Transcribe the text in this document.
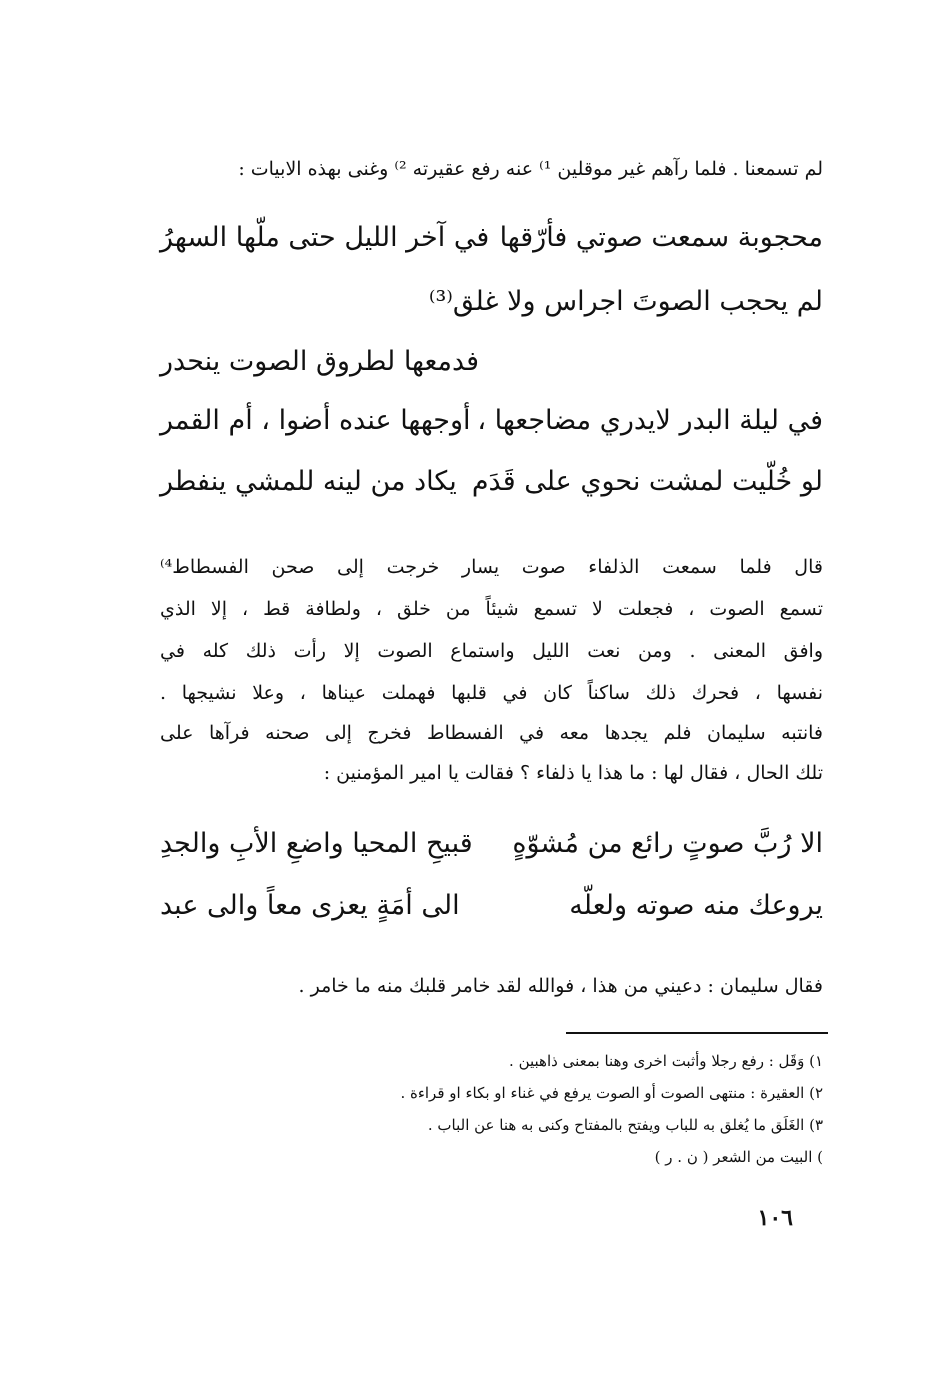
لم تسمعنا . فلما رآهم غير موقلين ¹⁾ عنه رفع عقيرته ²⁾ وغنى بهذه الابيات :
محجوبة سمعت صوتي فأرّقها
في آخر الليل حتى ملّها السهرُ
لم يحجب الصوتَ اجراس ولا غلق⁽³⁾
فدمعها لطروق الصوت ينحدر
في ليلة البدر لايدري مضاجعها ،
أوجهها عنده أضوا ، أم القمر
لو خُلّيت لمشت نحوي على قَدَم
يكاد من لينه للمشي ينفطر
قال فلما سمعت الذلفاء صوت يسار خرجت إلى صحن الفسطاط⁴⁾
تسمع الصوت ، فجعلت لا تسمع شيئاً من خلق ، ولطافة قط ، إلا الذي
وافق المعنى . ومن نعت الليل واستماع الصوت إلا رأت ذلك كله في
نفسها ، فحرك ذلك ساكناً كان في قلبها فهملت عيناها ، وعلا نشيجها .
فانتبه سليمان فلم يجدها معه في الفسطاط فخرج إلى صحنه فرآها على
تلك الحال ، فقال لها : ما هذا يا ذلفاء ؟ فقالت يا امير المؤمنين :
الا رُبَّ صوتٍ رائع من مُشوّهٍ
قبيحِ المحيا واضعِ الأبِ والجدِ
يروعك منه صوته ولعلّه
الى أمَةٍ يعزى معاً والى عبد
فقال سليمان : دعيني من هذا ، فوالله لقد خامر قلبك منه ما خامر .
١) وَقَل : رفع رجلا وأثبت اخرى وهنا بمعنى ذاهبين .
٢) العقيرة : منتهى الصوت أو الصوت يرفع في غناء او بكاء او قراءة .
٣) الغَلَق ما يُغلق به للباب ويفتح بالمفتاح وكنى به هنا عن الباب .
) البيت من الشعر ( ن . ر )
١٠٦
